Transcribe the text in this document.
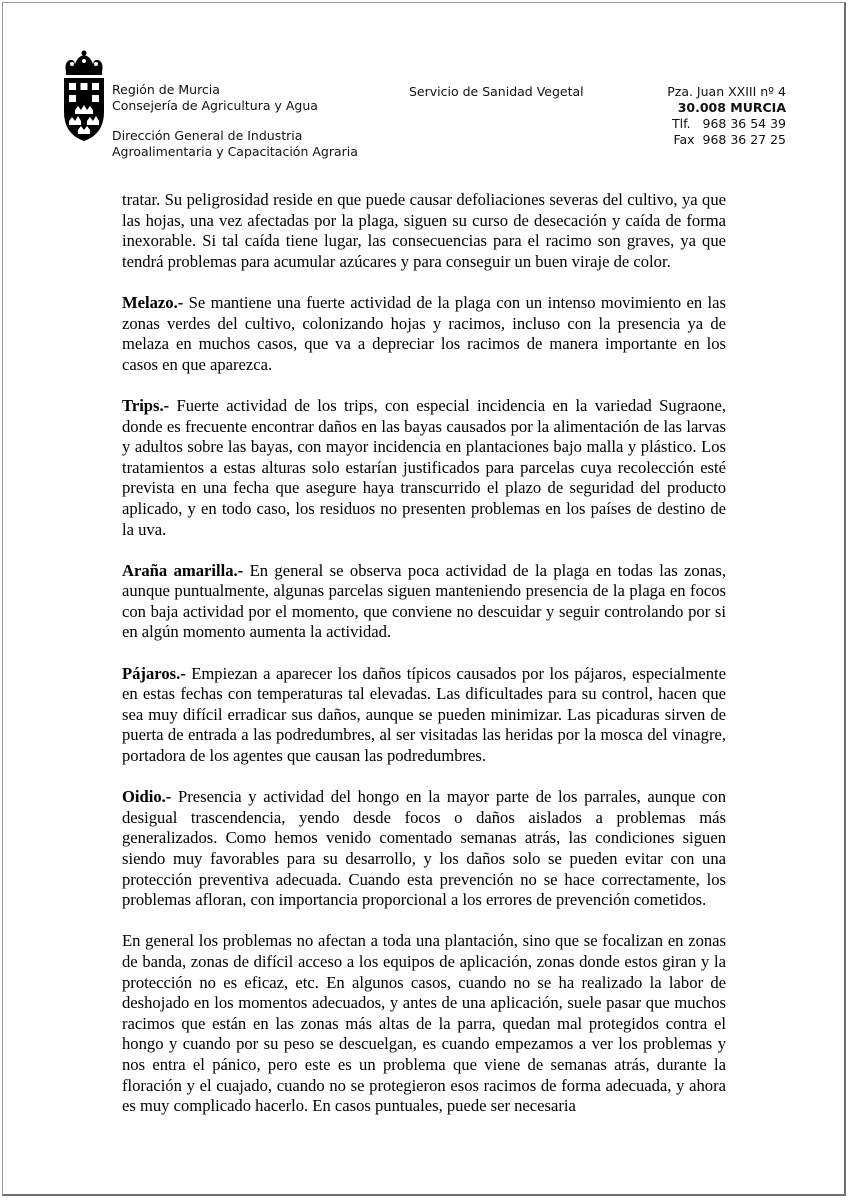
Región de Murcia
Consejería de Agricultura y Agua
Dirección General de Industria
Agroalimentaria y Capacitación Agraria
Servicio de Sanidad Vegetal	Pza. Juan XXIII nº 4
30.008 MURCIA
Tlf.   968 36 54 39
Fax  968 36 27 25

tratar. Su peligrosidad reside en que puede causar defoliaciones severas del cultivo, ya que las hojas, una vez afectadas por la plaga, siguen su curso de desecación y caída de forma inexorable. Si tal caída tiene lugar, las consecuencias para el racimo son graves, ya que tendrá problemas para acumular azúcares y para conseguir un buen viraje de color.

Melazo.- Se mantiene una fuerte actividad de la plaga con un intenso movimiento en las zonas verdes del cultivo, colonizando hojas y racimos, incluso con la presencia ya de melaza en muchos casos, que va a depreciar los racimos de manera importante en los casos en que aparezca.

Trips.- Fuerte actividad de los trips, con especial incidencia en la variedad Sugraone, donde es frecuente encontrar daños en las bayas causados por la alimentación de las larvas y adultos sobre las bayas, con mayor incidencia en plantaciones bajo malla y plástico. Los tratamientos a estas alturas solo estarían justificados para parcelas cuya recolección esté prevista en una fecha que asegure haya transcurrido el plazo de seguridad del producto aplicado, y en todo caso, los residuos no presenten problemas en los países de destino de la uva.

Araña amarilla.- En general se observa poca actividad de la plaga en todas las zonas, aunque puntualmente, algunas parcelas siguen manteniendo presencia de la plaga en focos con baja actividad por el momento, que conviene no descuidar y seguir controlando por si en algún momento aumenta la actividad.

Pájaros.- Empiezan a aparecer los daños típicos causados por los pájaros, especialmente en estas fechas con temperaturas tal elevadas. Las dificultades para su control, hacen que sea muy difícil erradicar sus daños, aunque se pueden minimizar. Las picaduras sirven de puerta de entrada a las podredumbres, al ser visitadas las heridas por la mosca del vinagre, portadora de los agentes que causan las podredumbres.

Oidio.- Presencia y actividad del hongo en la mayor parte de los parrales, aunque con desigual trascendencia, yendo desde focos o daños aislados a problemas más generalizados. Como hemos venido comentado semanas atrás, las condiciones siguen siendo muy favorables para su desarrollo, y los daños solo se pueden evitar con una protección preventiva adecuada. Cuando esta prevención no se hace correctamente, los problemas afloran, con importancia proporcional a los errores de prevención cometidos.

En general los problemas no afectan a toda una plantación, sino que se focalizan en zonas de banda, zonas de difícil acceso a los equipos de aplicación, zonas donde estos giran y la protección no es eficaz, etc. En algunos casos, cuando no se ha realizado la labor de deshojado en los momentos adecuados, y antes de una aplicación, suele pasar que muchos racimos que están en las zonas más altas de la parra, quedan mal protegidos contra el hongo y cuando por su peso se descuelgan, es cuando empezamos a ver los problemas y nos entra el pánico, pero este es un problema que viene de semanas atrás, durante la floración y el cuajado, cuando no se protegieron esos racimos de forma adecuada, y ahora es muy complicado hacerlo. En casos puntuales, puede ser necesaria
